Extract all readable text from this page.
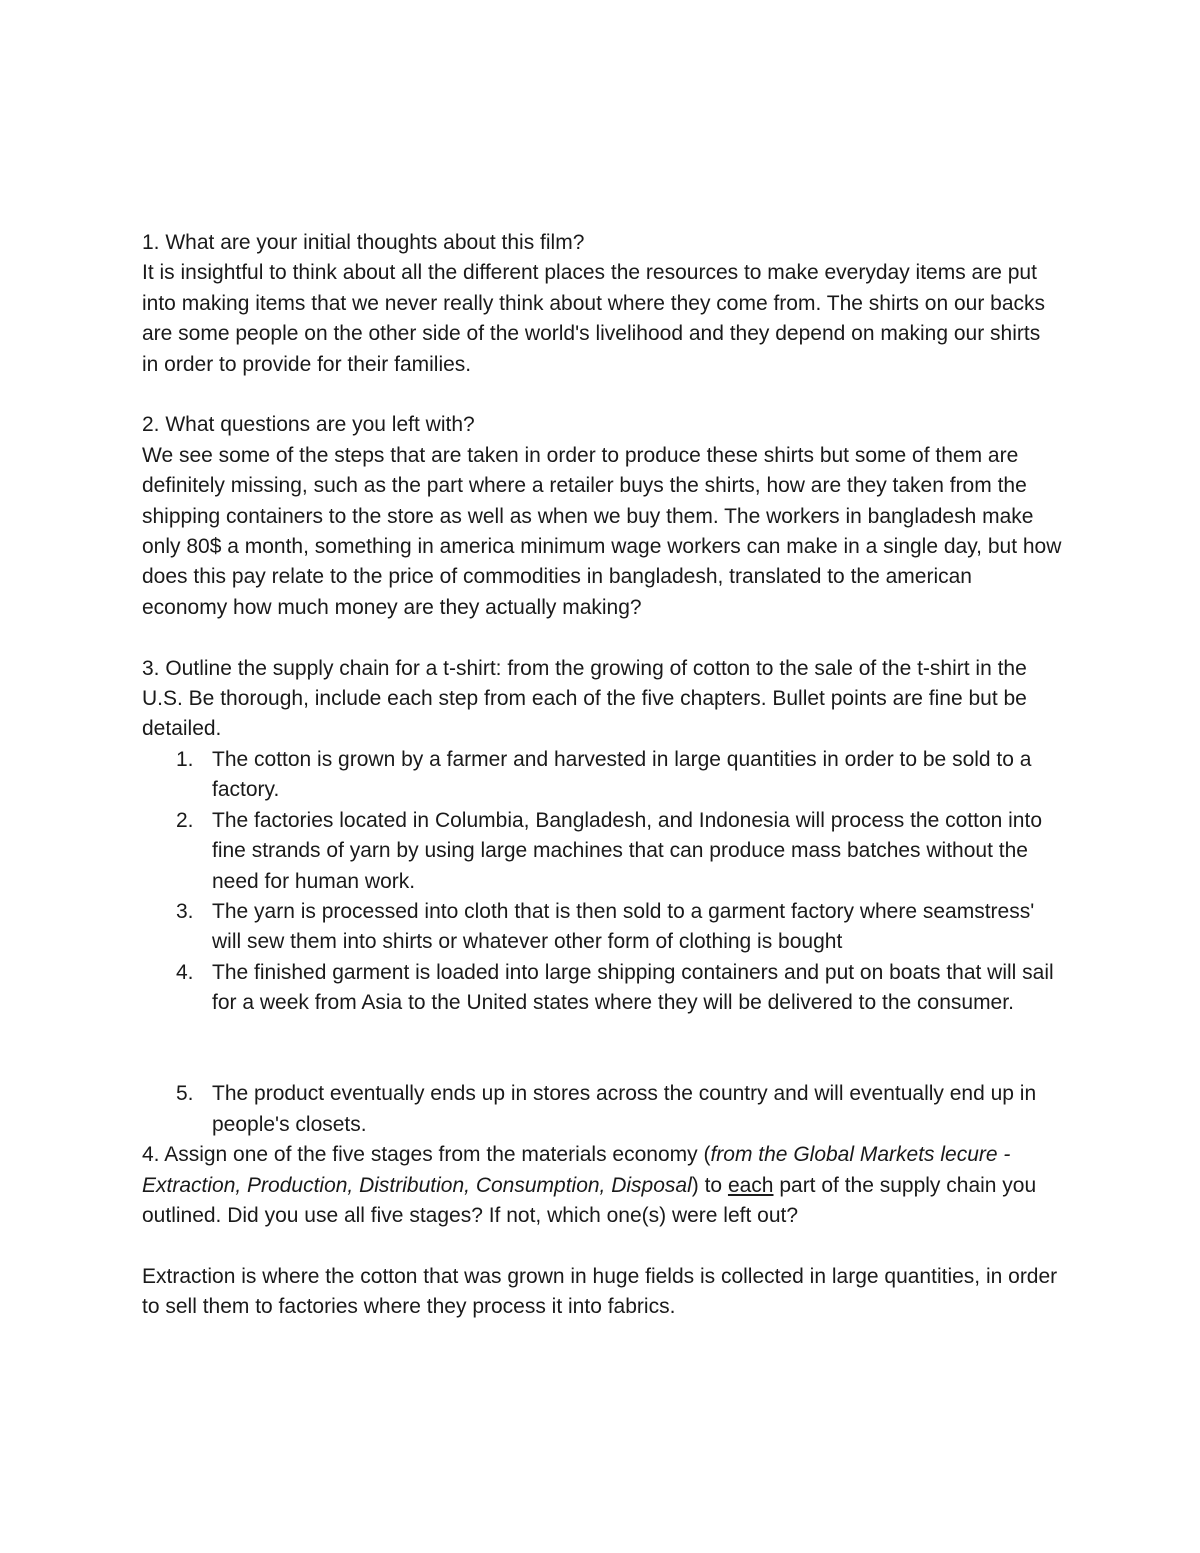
1. What are your initial thoughts about this film?

It is insightful to think about all the different places the resources to make everyday items are put into making items that we never really think about where they come from. The shirts on our backs are some people on the other side of the world's livelihood and they depend on making our shirts in order to provide for their families.

2. What questions are you left with?

We see some of the steps that are taken in order to produce these shirts but some of them are definitely missing, such as the part where a retailer buys the shirts, how are they taken from the shipping containers to the store as well as when we buy them. The workers in bangladesh make only 80$ a month, something in america minimum wage workers can make in a single day, but how does this pay relate to the price of commodities in bangladesh, translated to the american economy how much money are they actually making?

3. Outline the supply chain for a t-shirt: from the growing of cotton to the sale of the t-shirt in the U.S. Be thorough, include each step from each of the five chapters. Bullet points are fine but be detailed.

1. The cotton is grown by a farmer and harvested in large quantities in order to be sold to a factory.
2. The factories located in Columbia, Bangladesh, and Indonesia will process the cotton into fine strands of yarn by using large machines that can produce mass batches without the need for human work.
3. The yarn is processed into cloth that is then sold to a garment factory where seamstress' will sew them into shirts or whatever other form of clothing is bought
4. The finished garment is loaded into large shipping containers and put on boats that will sail for a week from Asia to the United states where they will be delivered to the consumer.
5. The product eventually ends up in stores across the country and will eventually end up in people's closets.

4. Assign one of the five stages from the materials economy (from the Global Markets lecure - Extraction, Production, Distribution, Consumption, Disposal) to each part of the supply chain you outlined. Did you use all five stages? If not, which one(s) were left out?

Extraction is where the cotton that was grown in huge fields is collected in large quantities, in order to sell them to factories where they process it into fabrics.
